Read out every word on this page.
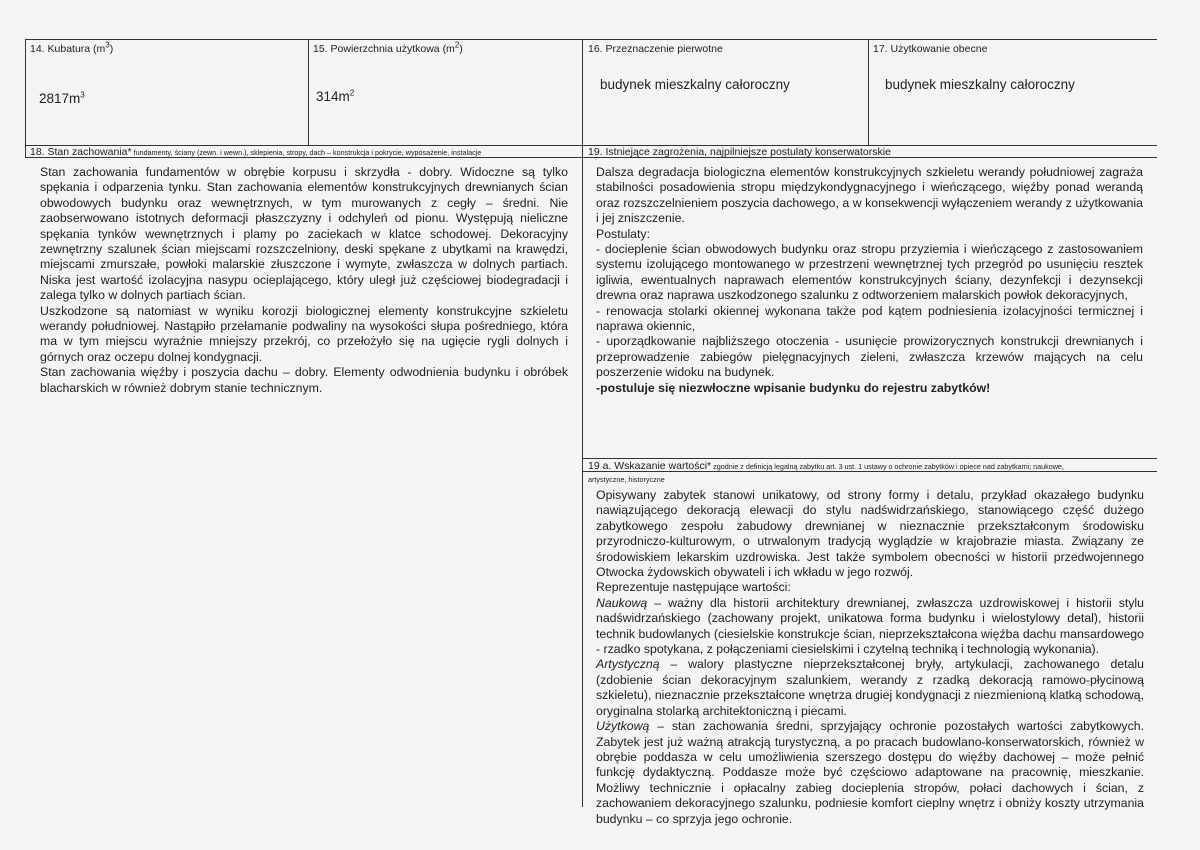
14. Kubatura $(m^3)$
$2817m^3$
15. Powierzchnia użytkowa $(m^2)$
$314m^2$
16. Przeznaczenie pierwotne
budynek mieszkalny całoroczny
17. Użytkowanie obecne
budynek mieszkalny całoroczny
18. Stan zachowania* fundamenty, ściany (zewn. i wewn.), sklepienia, stropy, dach – konstrukcja i pokrycie, wyposażenie, instalacje

Stan zachowania fundamentów w obrębie korpusu i skrzydła - dobry. Widoczne są tylko spękania i odparzenia tynku. Stan zachowania elementów konstrukcyjnych drewnianych ścian obwodowych budynku oraz wewnętrznych, w tym murowanych z cegły – średni. Nie zaobserwowano istotnych deformacji płaszczyzny i odchyleń od pionu. Występują nieliczne spękania tynków wewnętrznych i plamy po zaciekach w klatce schodowej. Dekoracyjny zewnętrzny szalunek ścian miejscami rozszczelniony, deski spękane z ubytkami na krawędzi, miejscami zmurszałe, powłoki malarskie złuszczone i wymyte, zwłaszcza w dolnych partiach. Niska jest wartość izolacyjna nasypu ocieplającego, który uległ już częściowej biodegradacji i zalega tylko w dolnych partiach ścian.

Uszkodzone są natomiast w wyniku korozji biologicznej elementy konstrukcyjne szkieletu werandy południowej. Nastąpiło przełamanie podwaliny na wysokości słupa pośredniego, która ma w tym miejscu wyraźnie mniejszy przekrój, co przełożyło się na ugięcie rygli dolnych i górnych oraz oczepu dolnej kondygnacji.

Stan zachowania więźby i poszycia dachu – dobry. Elementy odwodnienia budynku i obróbek blacharskich w również dobrym stanie technicznym.

19. Istniejące zagrożenia, najpilniejsze postulaty konserwatorskie

Dalsza degradacja biologiczna elementów konstrukcyjnych szkieletu werandy południowej zagraża stabilności posadowienia stropu międzykondygnacyjnego i wieńczącego, więźby ponad werandą oraz rozszczelnieniem poszycia dachowego, a w konsekwencji wyłączeniem werandy z użytkowania i jej zniszczenie.

Postulaty:

- docieplenie ścian obwodowych budynku oraz stropu przyziemia i wieńczącego z zastosowaniem systemu izolującego montowanego w przestrzeni wewnętrznej tych przegród po usunięciu resztek igliwia, ewentualnych naprawach elementów konstrukcyjnych ściany, dezynfekcji i dezynsekcji drewna oraz naprawa uszkodzonego szalunku z odtworzeniem malarskich powłok dekoracyjnych,

- renowacja stolarki okiennej wykonana także pod kątem podniesienia izolacyjności termicznej i naprawa okiennic,

- uporządkowanie najbliższego otoczenia - usunięcie prowizorycznych konstrukcji drewnianych i przeprowadzenie zabiegów pielęgnacyjnych zieleni, zwłaszcza krzewów mających na celu poszerzenie widoku na budynek.

-postuluje się niezwłoczne wpisanie budynku do rejestru zabytków!

19 a. Wskazanie wartości* zgodnie z definicją legalną zabytku art. 3 ust. 1 ustawy o ochronie zabytków i opiece nad zabytkami; naukowe,
artystyczne, historyczne

Opisywany zabytek stanowi unikatowy, od strony formy i detalu, przykład okazałego budynku nawiązującego dekoracją elewacji do stylu nadświdrzańskiego, stanowiącego część dużego zabytkowego zespołu zabudowy drewnianej w nieznacznie przekształconym środowisku przyrodniczo-kulturowym, o utrwalonym tradycją wyglądzie w krajobrazie miasta. Związany ze środowiskiem lekarskim uzdrowiska. Jest także symbolem obecności w historii przedwojennego Otwocka żydowskich obywateli i ich wkładu w jego rozwój.

Reprezentuje następujące wartości:

Naukową – ważny dla historii architektury drewnianej, zwłaszcza uzdrowiskowej i historii stylu nadświdrzańskiego (zachowany projekt, unikatowa forma budynku i wielostylowy detal), historii technik budowlanych (ciesielskie konstrukcje ścian, nieprzekształcona więźba dachu mansardowego - rzadko spotykana, z połączeniami ciesielskimi i czytelną techniką i technologią wykonania).

Artystyczną – walory plastyczne nieprzekształconej bryły, artykulacji, zachowanego detalu (zdobienie ścian dekoracyjnym szalunkiem, werandy z rzadką dekoracją ramowo-płycinową szkieletu), nieznacznie przekształcone wnętrza drugiej kondygnacji z niezmienioną klatką schodową, oryginalna stolarką architektoniczną i piecami.

Użytkową – stan zachowania średni, sprzyjający ochronie pozostałych wartości zabytkowych. Zabytek jest już ważną atrakcją turystyczną, a po pracach budowlano-konserwatorskich, również w obrębie poddasza w celu umożliwienia szerszego dostępu do więźby dachowej – może pełnić funkcję dydaktyczną. Poddasze może być częściowo adaptowane na pracownię, mieszkanie. Możliwy technicznie i opłacalny zabieg docieplenia stropów, połaci dachowych i ścian, z zachowaniem dekoracyjnego szalunku, podniesie komfort cieplny wnętrz i obniży koszty utrzymania budynku – co sprzyja jego ochronie.
